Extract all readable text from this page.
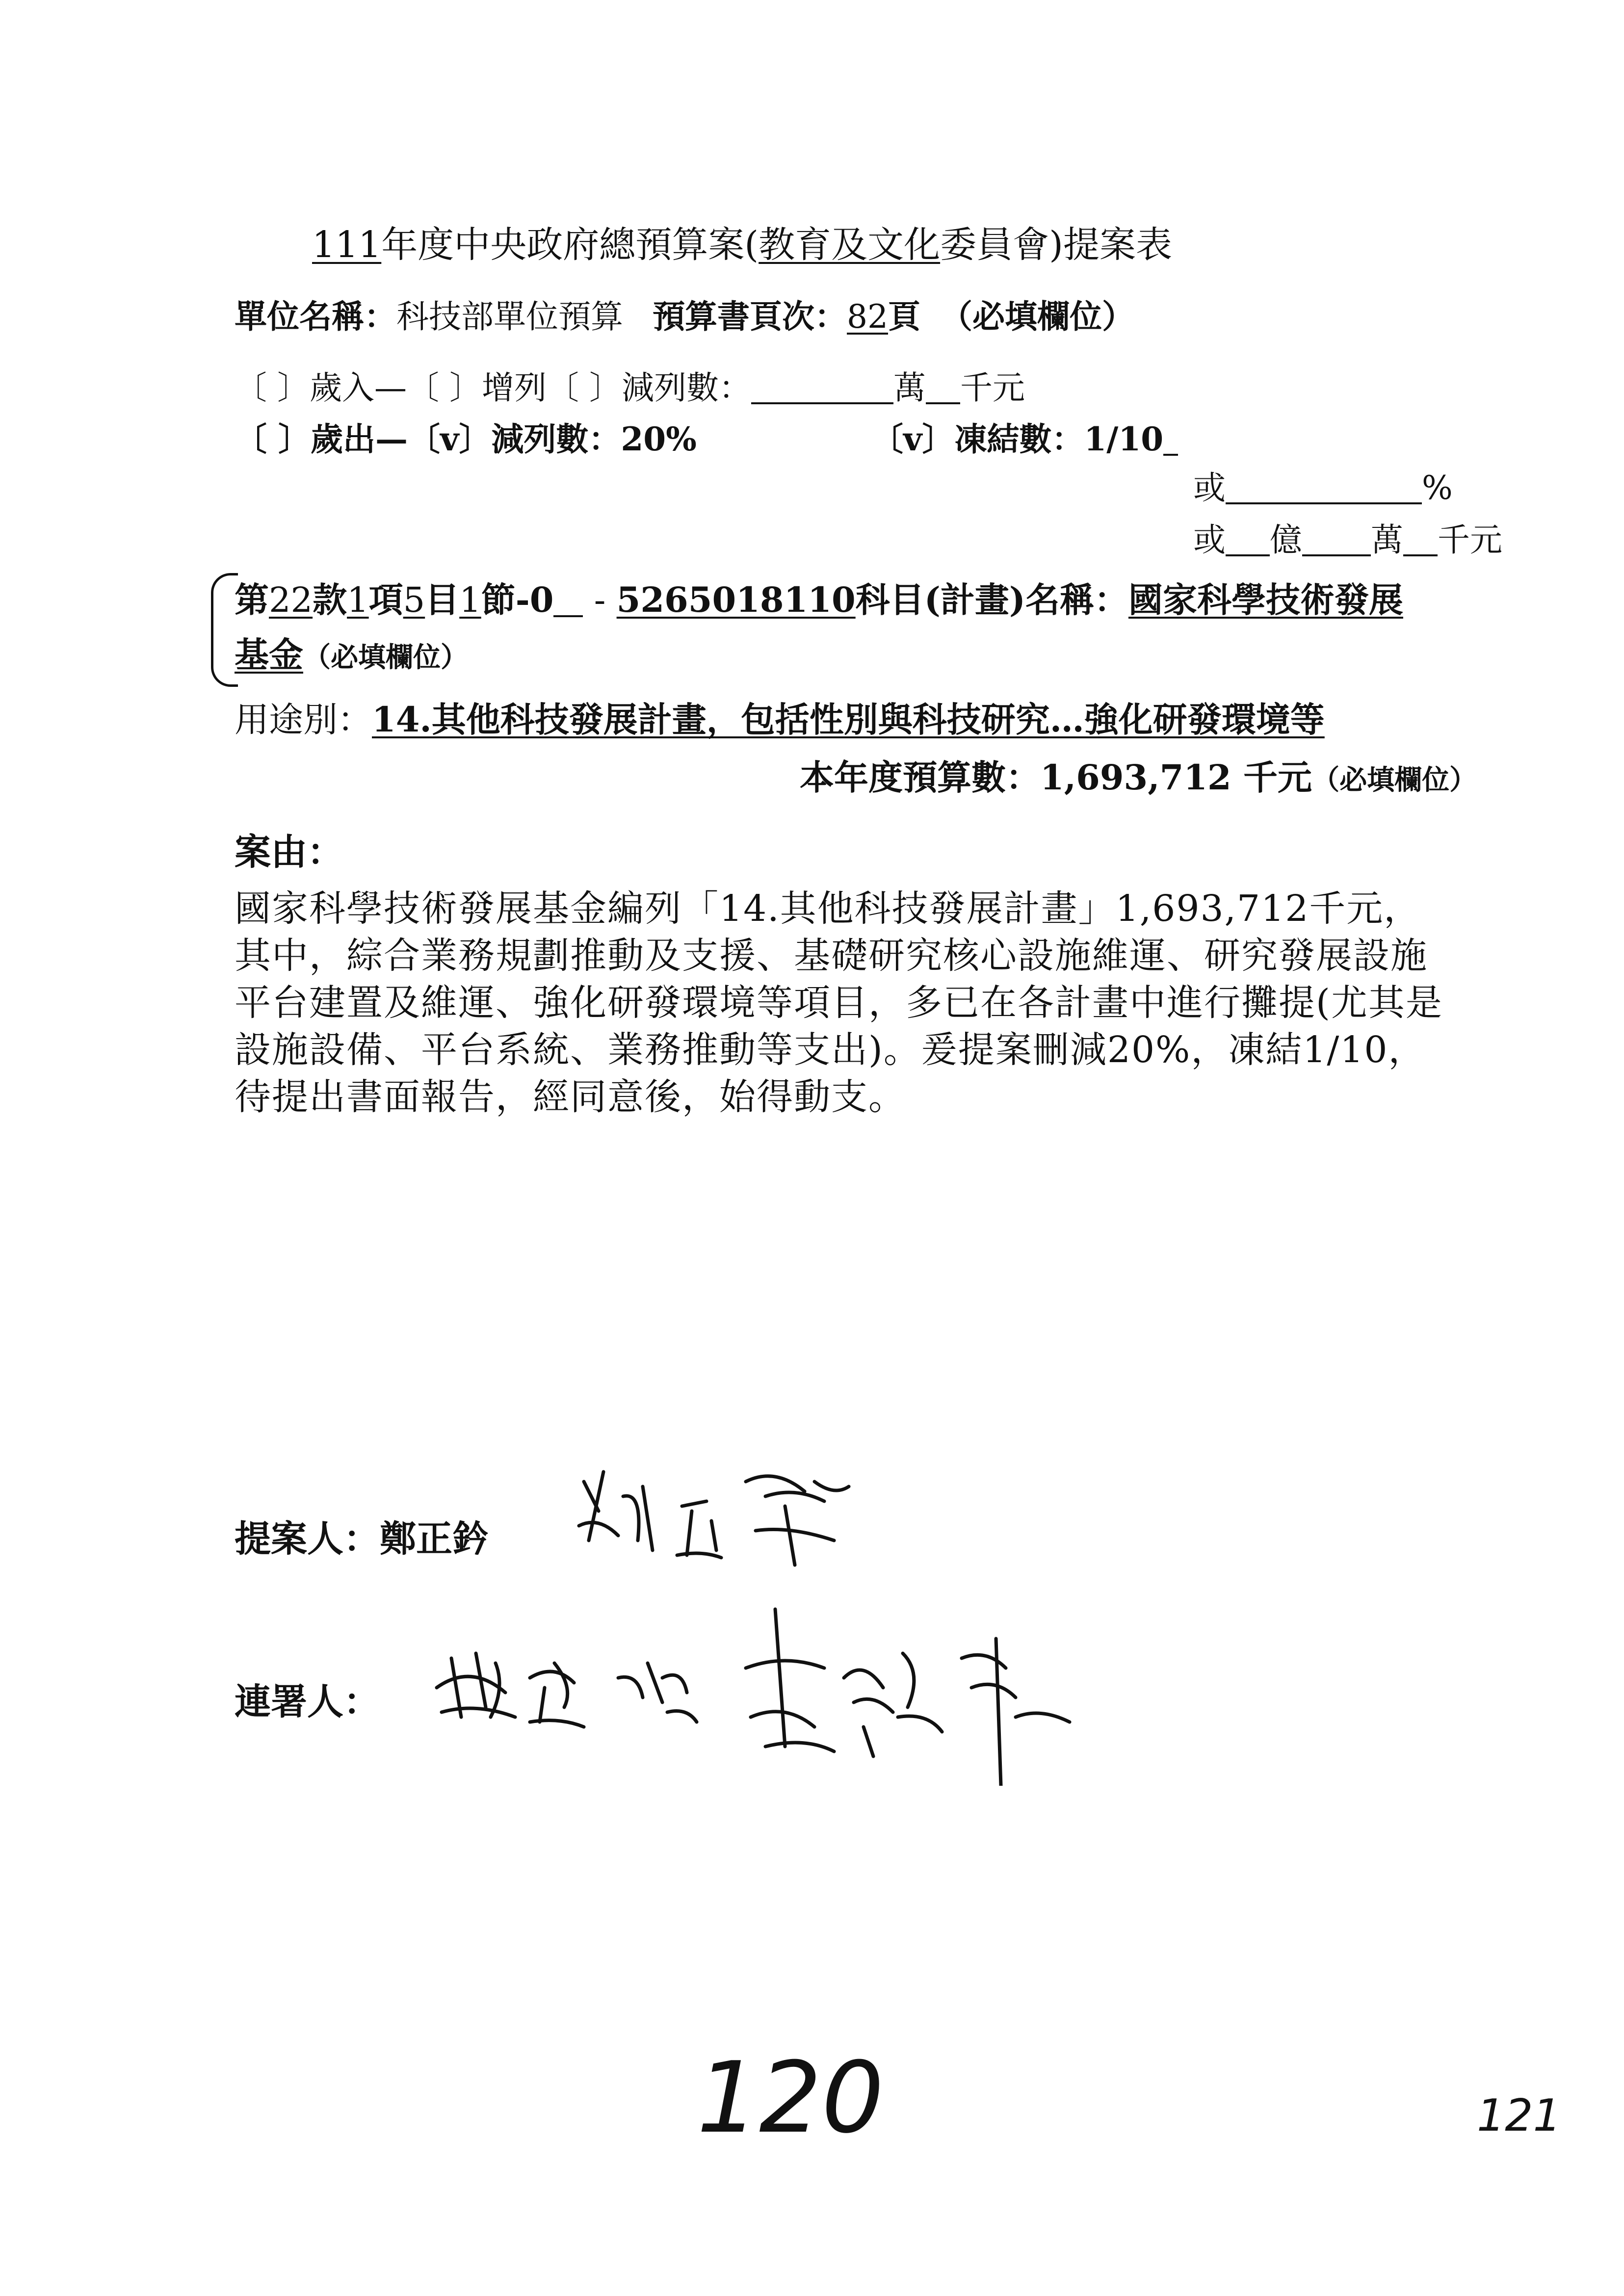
111年度中央政府總預算案(教育及文化委員會)提案表
單位名稱：科技部單位預算 預算書頁次：82頁 （必填欄位）
〔 〕歲入—〔 〕增列〔 〕減列數：	萬 千元
〔 〕歲出—〔v〕減列數：20%	〔v〕凍結數：1/10
或	%
或 億 萬 千元
第22款1項5目1節-0 - 5265018110科目(計畫)名稱：國家科學技術發展
基金（必填欄位）
用途別：14.其他科技發展計畫，包括性別與科技研究…強化研發環境等
本年度預算數：1,693,712 千元（必填欄位）
案由：
國家科學技術發展基金編列「14.其他科技發展計畫」1,693,712千元，其中，綜合業務規劃推動及支援、基礎研究核心設施維運、研究發展設施平台建置及維運、強化研發環境等項目，多已在各計畫中進行攤提(尤其是設施設備、平台系統、業務推動等支出)。爰提案刪減20%，凍結1/10，待提出書面報告，經同意後，始得動支。
提案人：鄭正鈐
連署人：
120	121
